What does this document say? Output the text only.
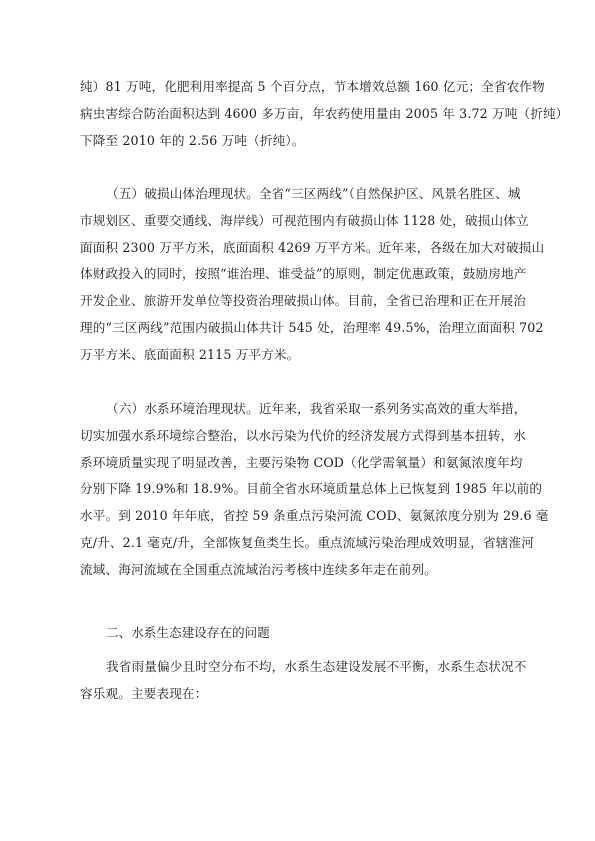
纯）81 万吨，化肥利用率提高 5 个百分点，节本增效总额 160 亿元；全省农作物
病虫害综合防治面积达到 4600 多万亩，年农药使用量由 2005 年 3.72 万吨（折纯）
下降至 2010 年的 2.56 万吨（折纯）。
（五）破损山体治理现状。全省“三区两线”（自然保护区、风景名胜区、城
市规划区、重要交通线、海岸线）可视范围内有破损山体 1128 处，破损山体立
面面积 2300 万平方米，底面面积 4269 万平方米。近年来，各级在加大对破损山
体财政投入的同时，按照“谁治理、谁受益”的原则，制定优惠政策，鼓励房地产
开发企业、旅游开发单位等投资治理破损山体。目前，全省已治理和正在开展治
理的“三区两线”范围内破损山体共计 545 处，治理率 49.5%，治理立面面积 702
万平方米、底面面积 2115 万平方米。
（六）水系环境治理现状。近年来，我省采取一系列务实高效的重大举措，
切实加强水系环境综合整治，以水污染为代价的经济发展方式得到基本扭转，水
系环境质量实现了明显改善，主要污染物 COD（化学需氧量）和氨氮浓度年均
分别下降 19.9%和 18.9%。目前全省水环境质量总体上已恢复到 1985 年以前的
水平。到 2010 年年底，省控 59 条重点污染河流 COD、氨氮浓度分别为 29.6 毫
克/升、2.1 毫克/升，全部恢复鱼类生长。重点流域污染治理成效明显，省辖淮河
流域、海河流域在全国重点流域治污考核中连续多年走在前列。
二、水系生态建设存在的问题
我省雨量偏少且时空分布不均，水系生态建设发展不平衡，水系生态状况不
容乐观。主要表现在：
